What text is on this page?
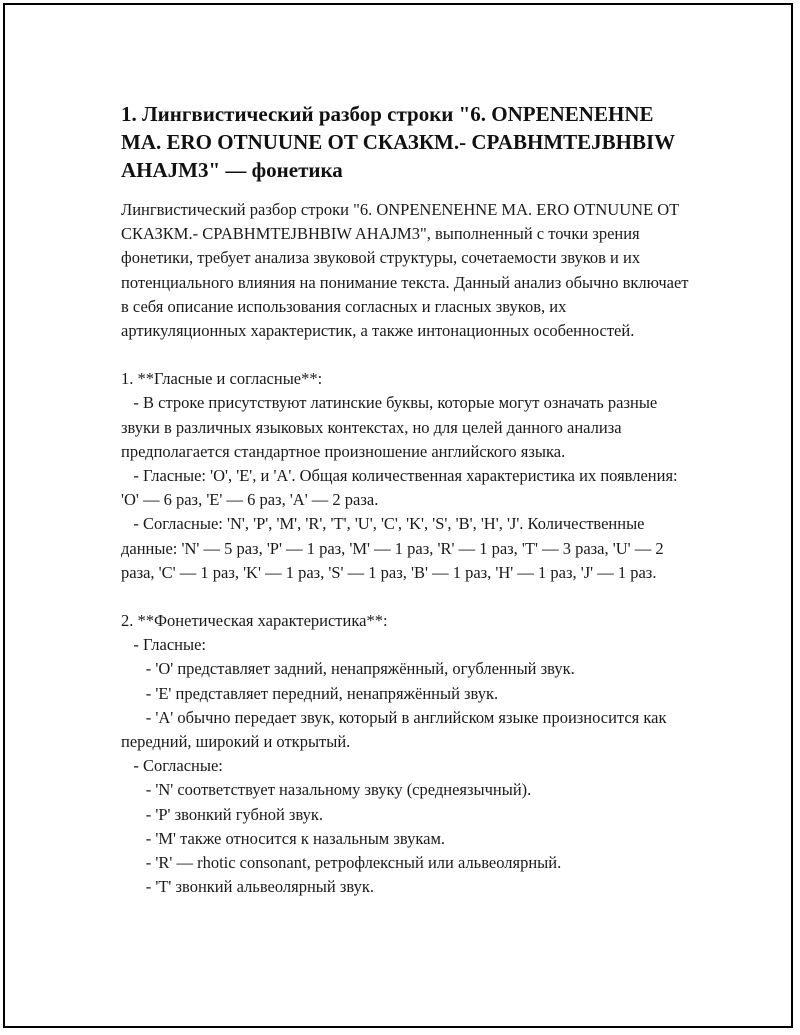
1. Лингвистический разбор строки "6. ONPENENEHNE MA. ERO OTNUUNE OT СКАЗКМ.- CPABHMTEJBHBIW AHAJM3" — фонетика

Лингвистический разбор строки "6. ONPENENEHNE MA. ERO OTNUUNE OT СКАЗКМ.- CPABHMTEJBHBIW AHAJM3", выполненный с точки зрения фонетики, требует анализа звуковой структуры, сочетаемости звуков и их потенциального влияния на понимание текста. Данный анализ обычно включает в себя описание использования согласных и гласных звуков, их артикуляционных характеристик, а также интонационных особенностей.

1. **Гласные и согласные**:

- В строке присутствуют латинские буквы, которые могут означать разные звуки в различных языковых контекстах, но для целей данного анализа предполагается стандартное произношение английского языка.

- Гласные: 'O', 'E', и 'A'. Общая количественная характеристика их появления: 'O' — 6 раз, 'E' — 6 раз, 'A' — 2 раза.

- Согласные: 'N', 'P', 'M', 'R', 'T', 'U', 'C', 'K', 'S', 'B', 'H', 'J'. Количественные данные: 'N' — 5 раз, 'P' — 1 раз, 'M' — 1 раз, 'R' — 1 раз, 'T' — 3 раза, 'U' — 2 раза, 'C' — 1 раз, 'K' — 1 раз, 'S' — 1 раз, 'B' — 1 раз, 'H' — 1 раз, 'J' — 1 раз.

2. **Фонетическая характеристика**:

- Гласные:

- 'O' представляет задний, ненапряжённый, огубленный звук.

- 'E' представляет передний, ненапряжённый звук.

- 'A' обычно передает звук, который в английском языке произносится как передний, широкий и открытый.

- Согласные:

- 'N' соответствует назальному звуку (среднеязычный).

- 'P' звонкий губной звук.

- 'M' также относится к назальным звукам.

- 'R' — rhotic consonant, ретрофлексный или альвеолярный.

- 'T' звонкий альвеолярный звук.
